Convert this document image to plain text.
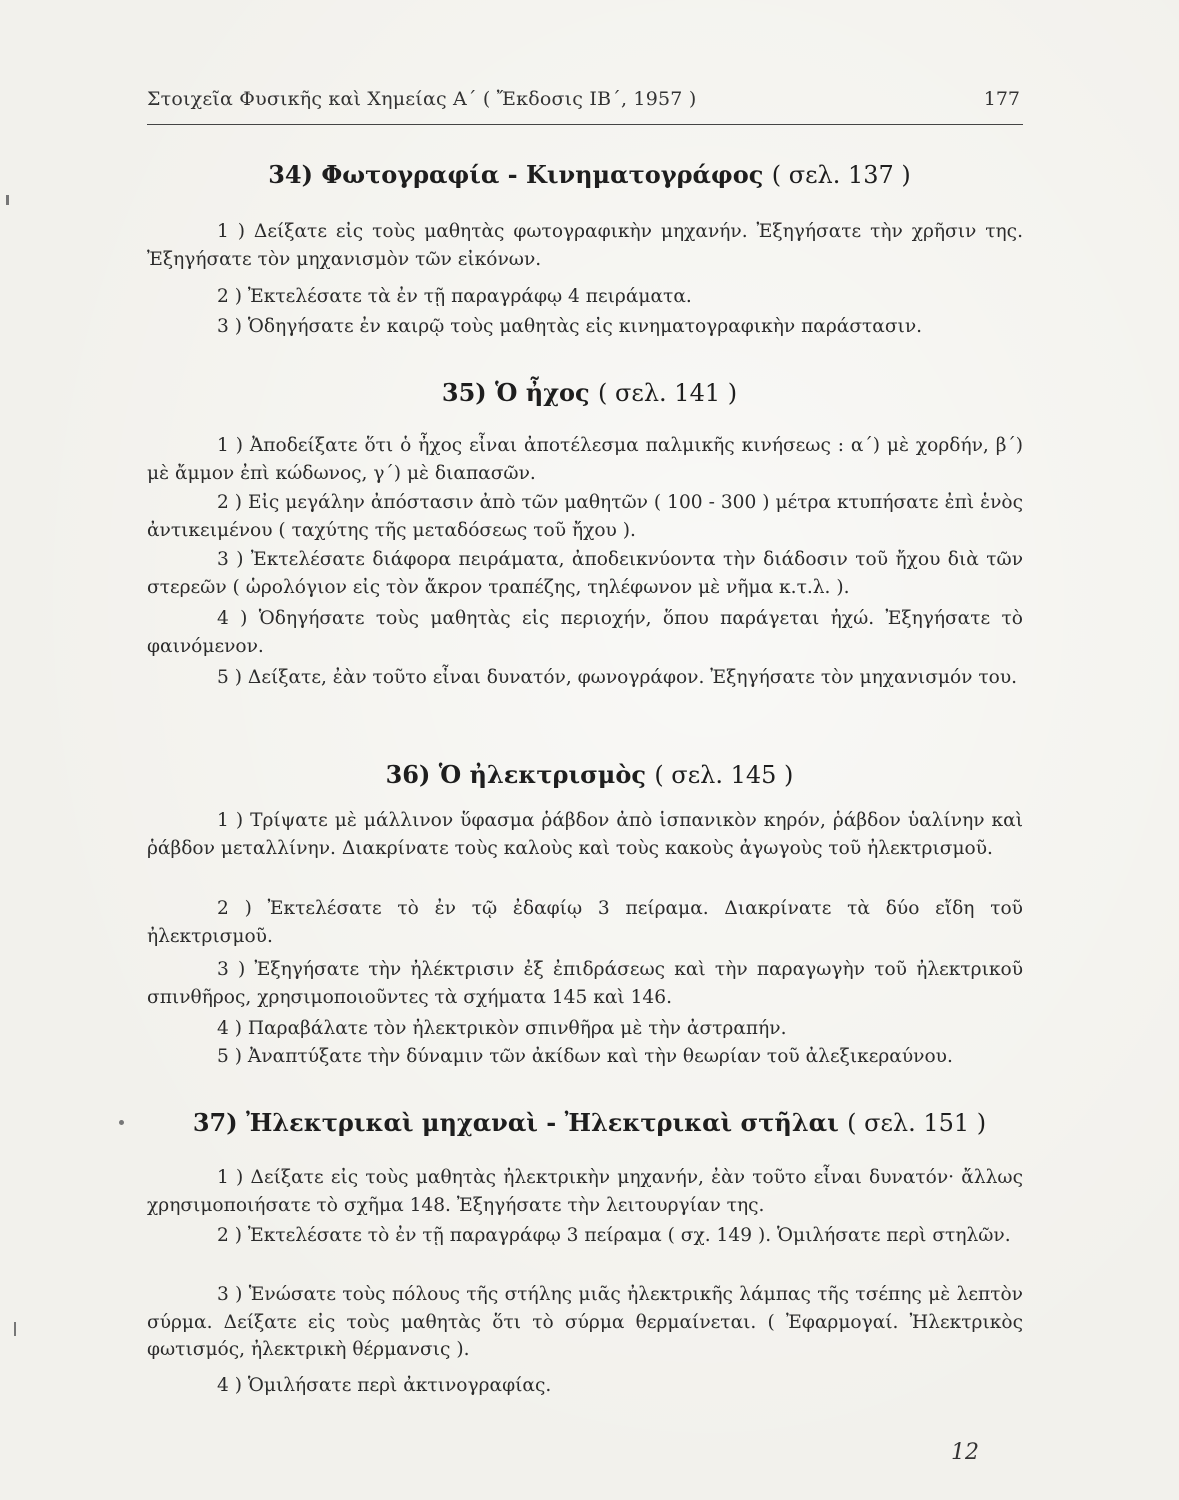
Στοιχεῖα Φυσικῆς καὶ Χημείας Α΄ ( Ἔκδοσις ΙΒ΄, 1957 )	177
34) Φωτογραφία - Κινηματογράφος ( σελ. 137 )
1 ) Δείξατε εἰς τοὺς μαθητὰς φωτογραφικὴν μηχανήν. Ἐξηγήσατε τὴν χρῆσιν της. Ἐξηγήσατε τὸν μηχανισμὸν τῶν εἰκόνων.
2 ) Ἐκτελέσατε τὰ ἐν τῇ παραγράφῳ 4 πειράματα.
3 ) Ὁδηγήσατε ἐν καιρῷ τοὺς μαθητὰς εἰς κινηματογραφικὴν παράστασιν.
35) Ὁ ἦχος ( σελ. 141 )
1 ) Ἀποδείξατε ὅτι ὁ ἦχος εἶναι ἀποτέλεσμα παλμικῆς κινήσεως : α΄) μὲ χορδήν, β΄) μὲ ἄμμον ἐπὶ κώδωνος, γ΄) μὲ διαπασῶν.
2 ) Εἰς μεγάλην ἀπόστασιν ἀπὸ τῶν μαθητῶν ( 100 - 300 ) μέτρα κτυπήσατε ἐπὶ ἑνὸς ἀντικειμένου ( ταχύτης τῆς μεταδόσεως τοῦ ἤχου ).
3 ) Ἐκτελέσατε διάφορα πειράματα, ἀποδεικνύοντα τὴν διάδοσιν τοῦ ἤχου διὰ τῶν στερεῶν ( ὡρολόγιον εἰς τὸν ἄκρον τραπέζης, τηλέφωνον μὲ νῆμα κ.τ.λ. ).
4 ) Ὁδηγήσατε τοὺς μαθητὰς εἰς περιοχήν, ὅπου παράγεται ἠχώ. Ἐξηγήσατε τὸ φαινόμενον.
5 ) Δείξατε, ἐὰν τοῦτο εἶναι δυνατόν, φωνογράφον. Ἐξηγήσατε τὸν μηχανισμόν του.
36) Ὁ ἠλεκτρισμὸς ( σελ. 145 )
1 ) Τρίψατε μὲ μάλλινον ὕφασμα ῥάβδον ἀπὸ ἱσπανικὸν κηρόν, ῥάβδον ὑαλίνην καὶ ῥάβδον μεταλλίνην. Διακρίνατε τοὺς καλοὺς καὶ τοὺς κακοὺς ἀγωγοὺς τοῦ ἠλεκτρισμοῦ.
2 ) Ἐκτελέσατε τὸ ἐν τῷ ἐδαφίῳ 3 πείραμα. Διακρίνατε τὰ δύο εἴδη τοῦ ἠλεκτρισμοῦ.
3 ) Ἐξηγήσατε τὴν ἠλέκτρισιν ἐξ ἐπιδράσεως καὶ τὴν παραγωγὴν τοῦ ἠλεκτρικοῦ σπινθῆρος, χρησιμοποιοῦντες τὰ σχήματα 145 καὶ 146.
4 ) Παραβάλατε τὸν ἠλεκτρικὸν σπινθῆρα μὲ τὴν ἀστραπήν.
5 ) Ἀναπτύξατε τὴν δύναμιν τῶν ἀκίδων καὶ τὴν θεωρίαν τοῦ ἀλεξικεραύνου.
37) Ἠλεκτρικαὶ μηχαναὶ - Ἠλεκτρικαὶ στῆλαι ( σελ. 151 )
1 ) Δείξατε εἰς τοὺς μαθητὰς ἠλεκτρικὴν μηχανήν, ἐὰν τοῦτο εἶναι δυνατόν· ἄλλως χρησιμοποιήσατε τὸ σχῆμα 148. Ἐξηγήσατε τὴν λειτουργίαν της.
2 ) Ἐκτελέσατε τὸ ἐν τῇ παραγράφῳ 3 πείραμα ( σχ. 149 ). Ὁμιλήσατε περὶ στηλῶν.
3 ) Ἑνώσατε τοὺς πόλους τῆς στήλης μιᾶς ἠλεκτρικῆς λάμπας τῆς τσέπης μὲ λεπτὸν σύρμα. Δείξατε εἰς τοὺς μαθητὰς ὅτι τὸ σύρμα θερμαίνεται. ( Ἐφαρμογαί. Ἠλεκτρικὸς φωτισμός, ἠλεκτρικὴ θέρμανσις ).
4 ) Ὁμιλήσατε περὶ ἀκτινογραφίας.
12
